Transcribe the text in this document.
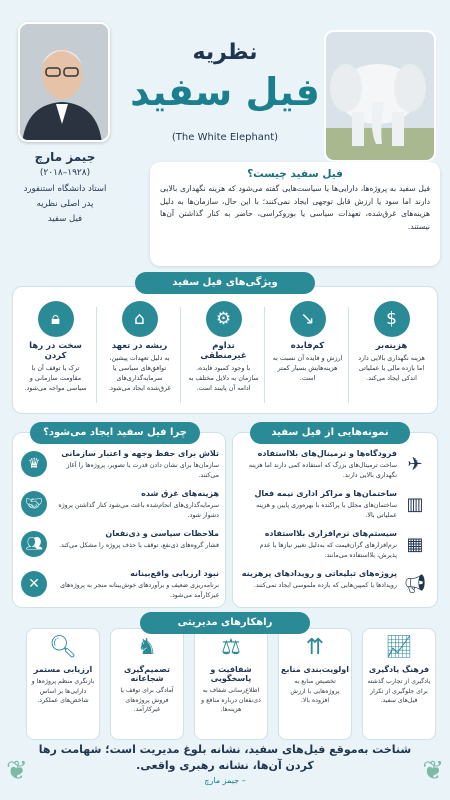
نظریه
فیل سفید
(The White Elephant)
جیمز مارچ
(۱۹۲۸–۲۰۱۸)
استاد دانشگاه استنفورد
پدر اصلی نظریه
فیل سفید
فیل سفید چیست؟

فیل سفید به پروژه‌ها، دارایی‌ها یا سیاست‌هایی گفته می‌شود که هزینه نگهداری بالایی دارند اما سود یا ارزش قابل توجهی ایجاد نمی‌کنند؛ با این حال، سازمان‌ها به دلیل هزینه‌های غرق‌شده، تعهدات سیاسی یا بوروکراسی، حاضر به کنار گذاشتن آن‌ها نیستند.

ویژگی‌های فیل سفید
$
هزینه‌بر
هزینه نگهداری بالایی دارد اما بازده مالی یا عملیاتی اندکی ایجاد می‌کند.
↘
کم‌فایده
ارزش و فایده آن نسبت به هزینه‌هایش بسیار کمتر است.
⚙
تداوم غیرمنطقی
با وجود کمبود فایده، سازمان به دلایل مختلف به ادامه آن پایبند است.
⌂
ریشه در تعهد
به دلیل تعهدات پیشین، توافق‌های سیاسی یا سرمایه‌گذاری‌های غرق‌شده ایجاد می‌شود.
🔒︎
سخت در رها کردن
ترک یا توقف آن با مقاومت سازمانی و سیاسی مواجه می‌شود.
نمونه‌هایی از فیل سفید
✈
فرودگاه‌ها و ترمینال‌های بلااستفاده
ساخت ترمینال‌های بزرگ که استفاده کمی دارند اما هزینه نگهداری بالایی دارند.
▥
ساختمان‌ها و مراکز اداری نیمه فعال
ساختمان‌های مجلل یا پراکنده با بهره‌وری پایین و هزینه عملیاتی بالا.
▦
سیستم‌های نرم‌افزاری بلااستفاده
نرم‌افزارهای گران‌قیمت که به‌دلیل تغییر نیازها یا عدم پذیرش، بلااستفاده می‌مانند.
📢︎
پروژه‌های تبلیغاتی و رویدادهای پرهزینه
رویدادها یا کمپین‌هایی که بازده ملموسی ایجاد نمی‌کنند.
چرا فیل سفید ایجاد می‌شود؟
تلاش برای حفظ وجهه و اعتبار سازمانی
سازمان‌ها برای نشان دادن قدرت یا تصویر، پروژه‌ها را آغاز می‌کنند.
♛
هزینه‌های غرق شده
سرمایه‌گذاری‌های انجام‌شده باعث می‌شود کنار گذاشتن پروژه دشوار شود.
🤝︎
ملاحظات سیاسی و ذی‌نفعان
فشار گروه‌های ذی‌نفع، توقف یا حذف پروژه را مشکل می‌کند.
👥︎
نبود ارزیابی واقع‌بینانه
برنامه‌ریزی ضعیف و برآوردهای خوش‌بینانه منجر به پروژه‌های غیرکارآمد می‌شود.
✕
راهکارهای مدیریتی
📈︎
فرهنگ یادگیری
یادگیری از تجارب گذشته برای جلوگیری از تکرار فیل‌های سفید.
⇈
اولویت‌بندی منابع
تخصیص منابع به پروژه‌هایی با ارزش افزوده بالا.
⚖
شفافیت و پاسخگویی
اطلاع‌رسانی شفاف به ذی‌نفعان درباره منافع و هزینه‌ها.
♞
تصمیم‌گیری شجاعانه
آمادگی برای توقف یا فروش پروژه‌های غیرکارآمد.
🔍︎
ارزیابی مستمر
بازنگری منظم پروژه‌ها و دارایی‌ها بر اساس شاخص‌های عملکرد.
❦	❦
شناخت به‌موقع فیل‌های سفید، نشانه بلوغ مدیریت است؛ شهامت رها کردن آن‌ها، نشانه رهبری واقعی.
– جیمز مارچ
